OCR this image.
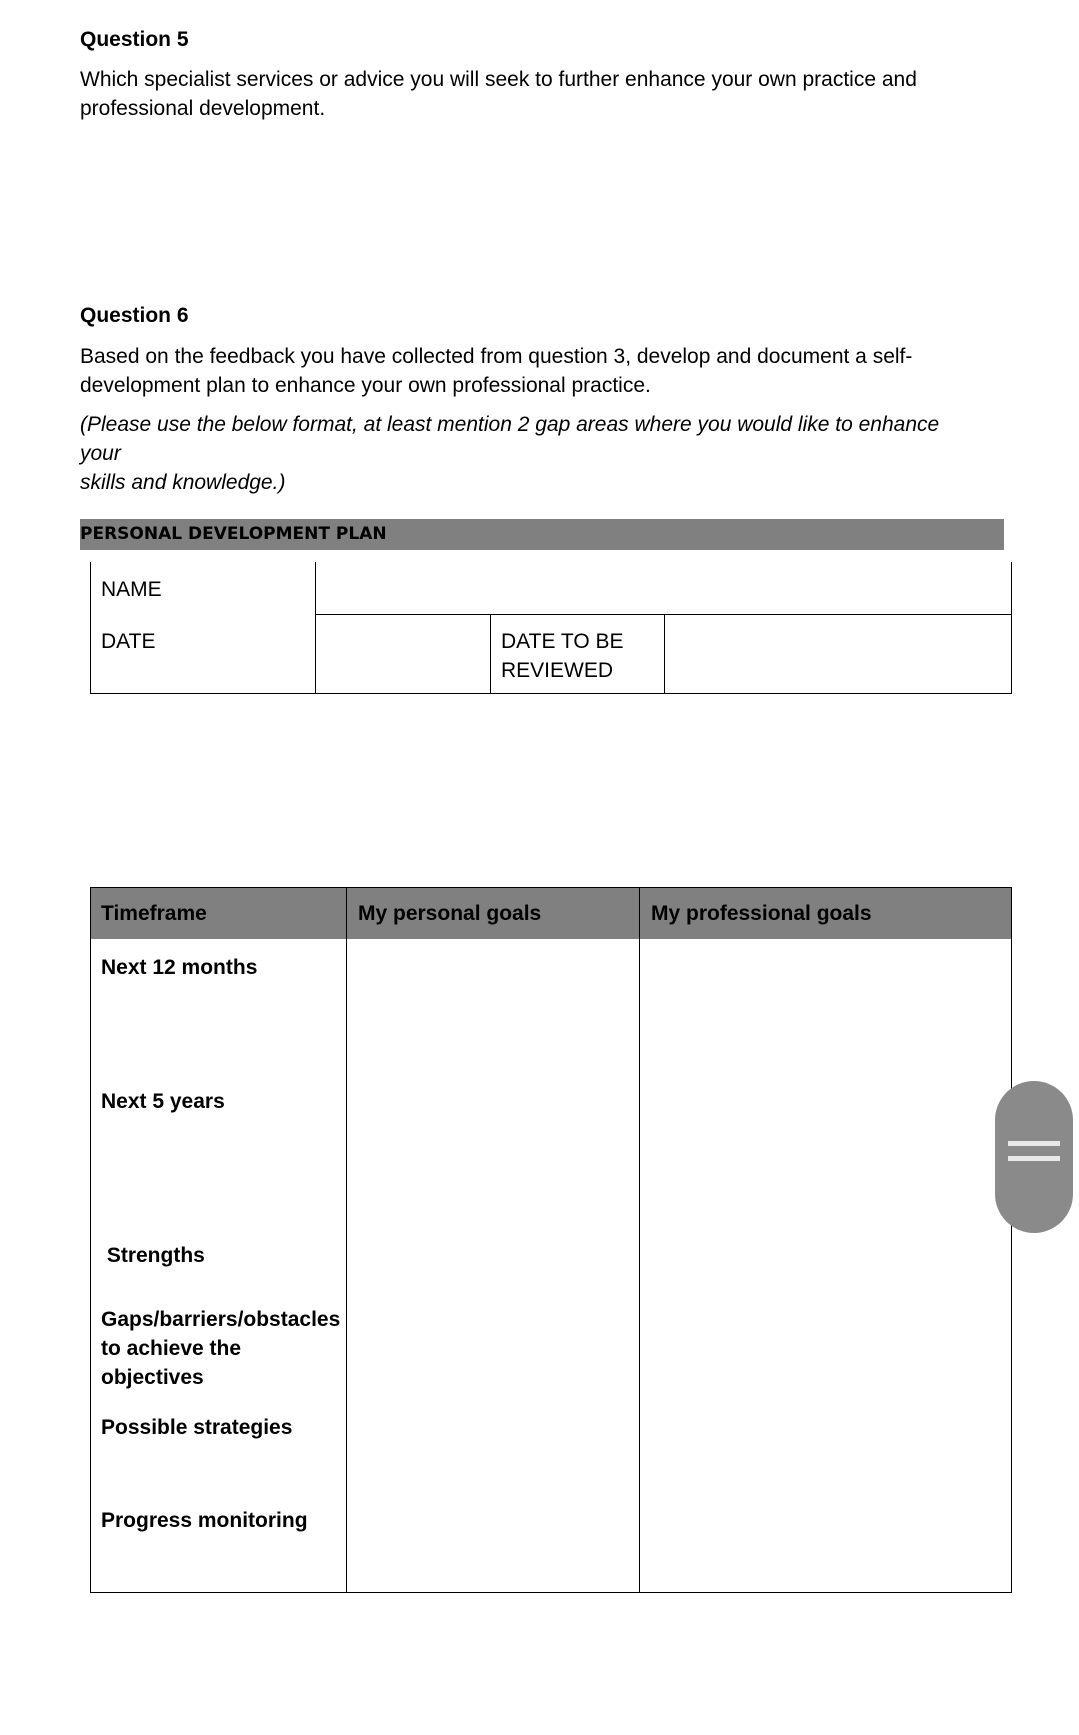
Question 5
Which specialist services or advice you will seek to further enhance your own practice and
professional development.
Question 6
Based on the feedback you have collected from question 3, develop and document a self-
development plan to enhance your own professional practice.
(Please use the below format, at least mention 2 gap areas where you would like to enhance your
skills and knowledge.)
PERSONAL DEVELOPMENT PLAN
NAME
DATE	DATE TO BE
REVIEWED
Timeframe	My personal goals	My professional goals
Next 12 months
Next 5 years

Strengths

Gaps/barriers/obstacles
to achieve the
objectives
Possible strategies
Progress monitoring
